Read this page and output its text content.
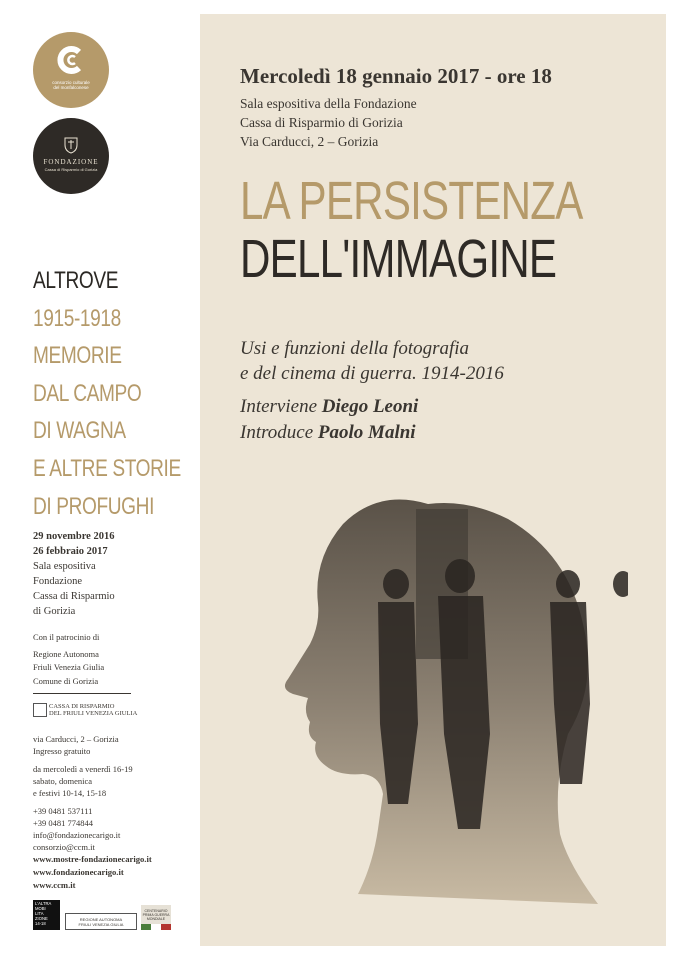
consorzio culturale
del monfalconese
FONDAZIONE
Cassa di Risparmio di Gorizia
ALTROVE
1915-1918
MEMORIE
DAL CAMPO
DI WAGNA
E ALTRE STORIE
DI PROFUGHI
29 novembre 2016
26 febbraio 2017
Sala espositiva
Fondazione
Cassa di Risparmio
di Gorizia
Con il patrocinio di
Regione Autonoma
Friuli Venezia Giulia
Comune di Gorizia
CASSA DI RISPARMIO
DEL FRIULI VENEZIA GIULIA
via Carducci, 2 – Gorizia
Ingresso gratuito
da mercoledì a venerdì 16-19
sabato, domenica
e festivi 10-14, 15-18
+39 0481 537111
+39 0481 774844
info@fondazionecarigo.it
consorzio@ccm.it
www.mostre-fondazionecarigo.it
www.fondazionecarigo.it
www.ccm.it
L'ALTRA
MOBI
LITA
ZIONE
14-18
REGIONE AUTONOMA
FRIULI VENEZIA GIULIA
CENTENARIO PRIMA GUERRA MONDIALE
Mercoledì 18 gennaio 2017 - ore 18
Sala espositiva della Fondazione
Cassa di Risparmio di Gorizia
Via Carducci, 2 – Gorizia
LA PERSISTENZA
DELL'IMMAGINE
Usi e funzioni della fotografia
e del cinema di guerra. 1914-2016
Interviene Diego Leoni
Introduce Paolo Malni
